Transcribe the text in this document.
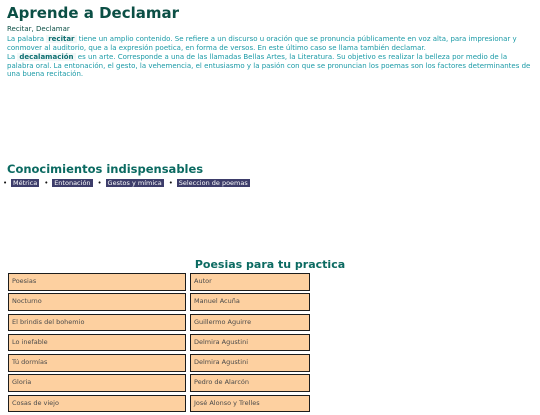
Aprende a Declamar
Recitar, Declamar
La palabra recitar tiene un amplio contenido. Se refiere a un discurso u oración que se pronuncia públicamente en voz alta, para impresionar y conmover al auditorio, que a la expresión poetica, en forma de versos. En este último caso se llama también declamar.
La decalamación es un arte. Corresponde a una de las llamadas Bellas Artes, la Literatura. Su objetivo es realizar la belleza por medio de la palabra oral. La entonación, el gesto, la vehemencia, el entusiasmo y la pasión con que se pronuncian los poemas son los factores determinantes de una buena recitación.
Conocimientos indispensables
• Métrica • Entonación • Gestos y mímica • Seleccion de poemas
Poesias para tu practica
Poesias	Autor
Nocturno	Manuel Acuña
El brindis del bohemio	Guillermo Aguirre
Lo inefable	Delmira Agustini
Tú dormías	Delmira Agustini
Gloria	Pedro de Alarcón
Cosas de viejo	José Alonso y Trelles
